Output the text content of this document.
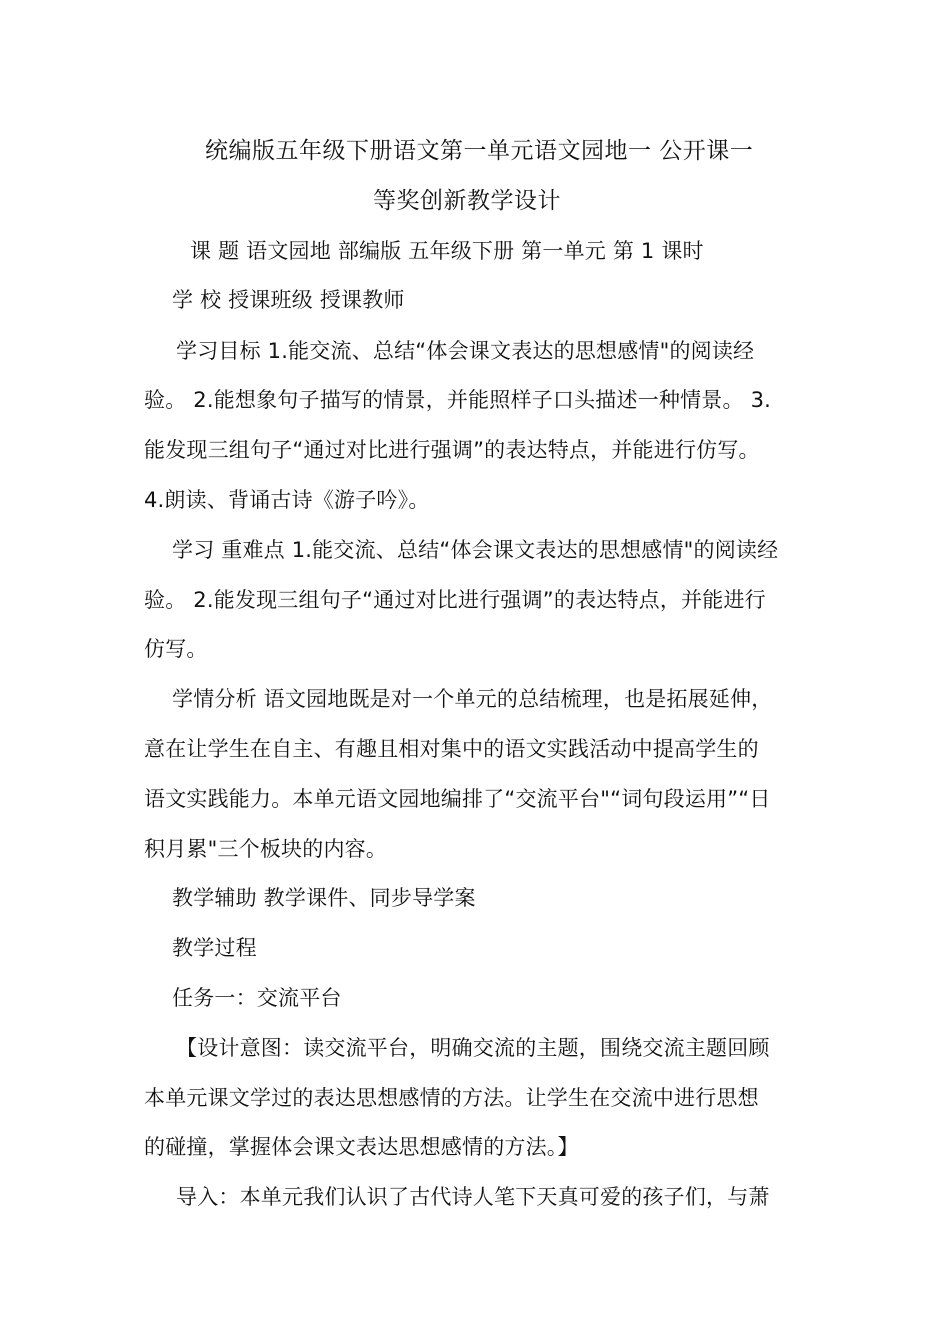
统编版五年级下册语文第一单元语文园地一 公开课一
等奖创新教学设计
课 题 语文园地 部编版 五年级下册 第一单元 第 1 课时
学 校 授课班级 授课教师
学习目标 1.能交流、总结“体会课文表达的思想感情"的阅读经
验。 2.能想象句子描写的情景，并能照样子口头描述一种情景。 3.
能发现三组句子“通过对比进行强调”的表达特点，并能进行仿写。
4.朗读、背诵古诗《游子吟》。
学习 重难点 1.能交流、总结“体会课文表达的思想感情"的阅读经
验。 2.能发现三组句子“通过对比进行强调”的表达特点，并能进行
仿写。
学情分析 语文园地既是对一个单元的总结梳理，也是拓展延伸，
意在让学生在自主、有趣且相对集中的语文实践活动中提高学生的
语文实践能力。本单元语文园地编排了“交流平台"“词句段运用”“日
积月累"三个板块的内容。
教学辅助 教学课件、同步导学案
教学过程
任务一：交流平台
【设计意图：读交流平台，明确交流的主题，围绕交流主题回顾
本单元课文学过的表达思想感情的方法。让学生在交流中进行思想
的碰撞，掌握体会课文表达思想感情的方法。】
导入：本单元我们认识了古代诗人笔下天真可爱的孩子们，与萧
